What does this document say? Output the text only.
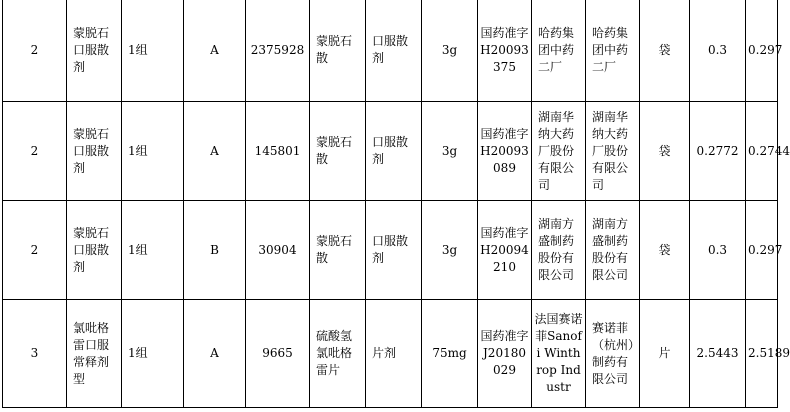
2	蒙脱石口服散剂	1组	A	2375928	蒙脱石散	口服散剂	3g	国药准字H20093375	哈药集团中药二厂	哈药集团中药二厂	袋	0.3	0.297
2	蒙脱石口服散剂	1组	A	145801	蒙脱石散	口服散剂	3g	国药准字H20093089	湖南华纳大药厂股份有限公司	湖南华纳大药厂股份有限公司	袋	0.2772	0.2744
2	蒙脱石口服散剂	1组	B	30904	蒙脱石散	口服散剂	3g	国药准字H20094210	湖南方盛制药股份有限公司	湖南方盛制药股份有限公司	袋	0.3	0.297
3	氯吡格雷口服常释剂型	1组	A	9665	硫酸氢氯吡格雷片	片剂	75mg	国药准字J20180029	法国赛诺菲Sanofi Winthrop Industr	赛诺菲（杭州）制药有限公司	片	2.5443	2.5189
